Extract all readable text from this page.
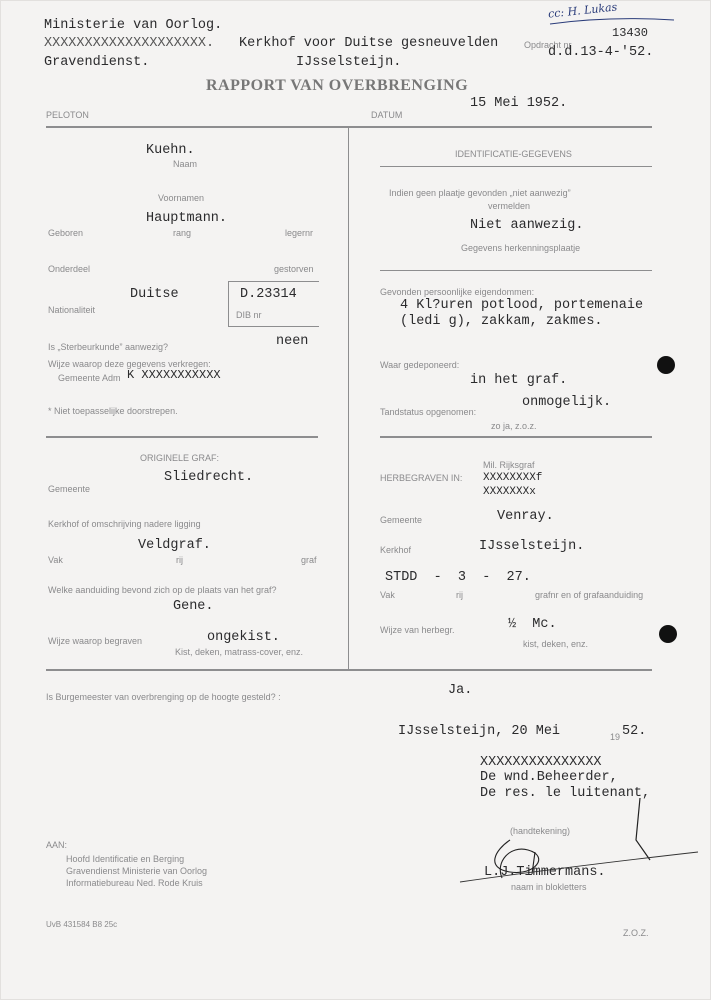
Ministerie van Oorlog.
XXXXXXXXXXXXXXXXXXXX.
Gravendienst.
Kerkhof voor Duitse gesneuvelden
IJsselsteijn.
Opdracht nr
13430
d.d.13-4-'52.
cc: H. Lukas
RAPPORT VAN OVERBRENGING
PELOTON	DATUM
15 Mei 1952.
Kuehn.
Naam
Voornamen
Hauptmann.
Geboren	rang	legernr
Onderdeel	gestorven
Duitse
Nationaliteit
D.23314
DIB nr
Is „Sterbeurkunde” aanwezig?	neen
Wijze waarop deze gegevens verkregen:
Gemeente Adm K XXXXXXXXXXX
* Niet toepasselijke doorstrepen.
IDENTIFICATIE-GEGEVENS
Indien geen plaatje gevonden „niet aanwezig”
vermelden
Niet aanwezig.
Gegevens herkenningsplaatje
Gevonden persoonlijke eigendommen:
4 Kl?uren potlood, portemenaie
(ledi g), zakkam, zakmes.
Waar gedeponeerd:
in het graf.
Tandstatus opgenomen:
onmogelijk.
zo ja, z.o.z.
ORIGINELE GRAF:
Sliedrecht.
Gemeente
Kerkhof of omschrijving nadere ligging
Veldgraf.
Vak	rij	graf
Welke aanduiding bevond zich op de plaats van het graf?
Gene.
Wijze waarop begraven	ongekist.
Kist, deken, matrass-cover, enz.
HERBEGRAVEN IN:
Mil. Rijksgraf
XXXXXXXXf
XXXXXXXx
Gemeente	Venray.
Kerkhof	IJsselsteijn.
STDD  -  3  -  27.
Vak	rij	grafnr en of grafaanduiding
Wijze van herbegr.	½  Mc.
kist, deken, enz.
Is Burgemeester van overbrenging op de hoogte gesteld? :	Ja.
IJsselsteijn, 20 Mei	19 52.
XXXXXXXXXXXXXXX
De wnd.Beheerder,
De res. le luitenant,
(handtekening)
L.J.Timmermans.
naam in blokletters
AAN:
Hoofd Identificatie en Berging
Gravendienst Ministerie van Oorlog
Informatiebureau Ned. Rode Kruis
UvB 431584 B8 25c
Z.O.Z.
